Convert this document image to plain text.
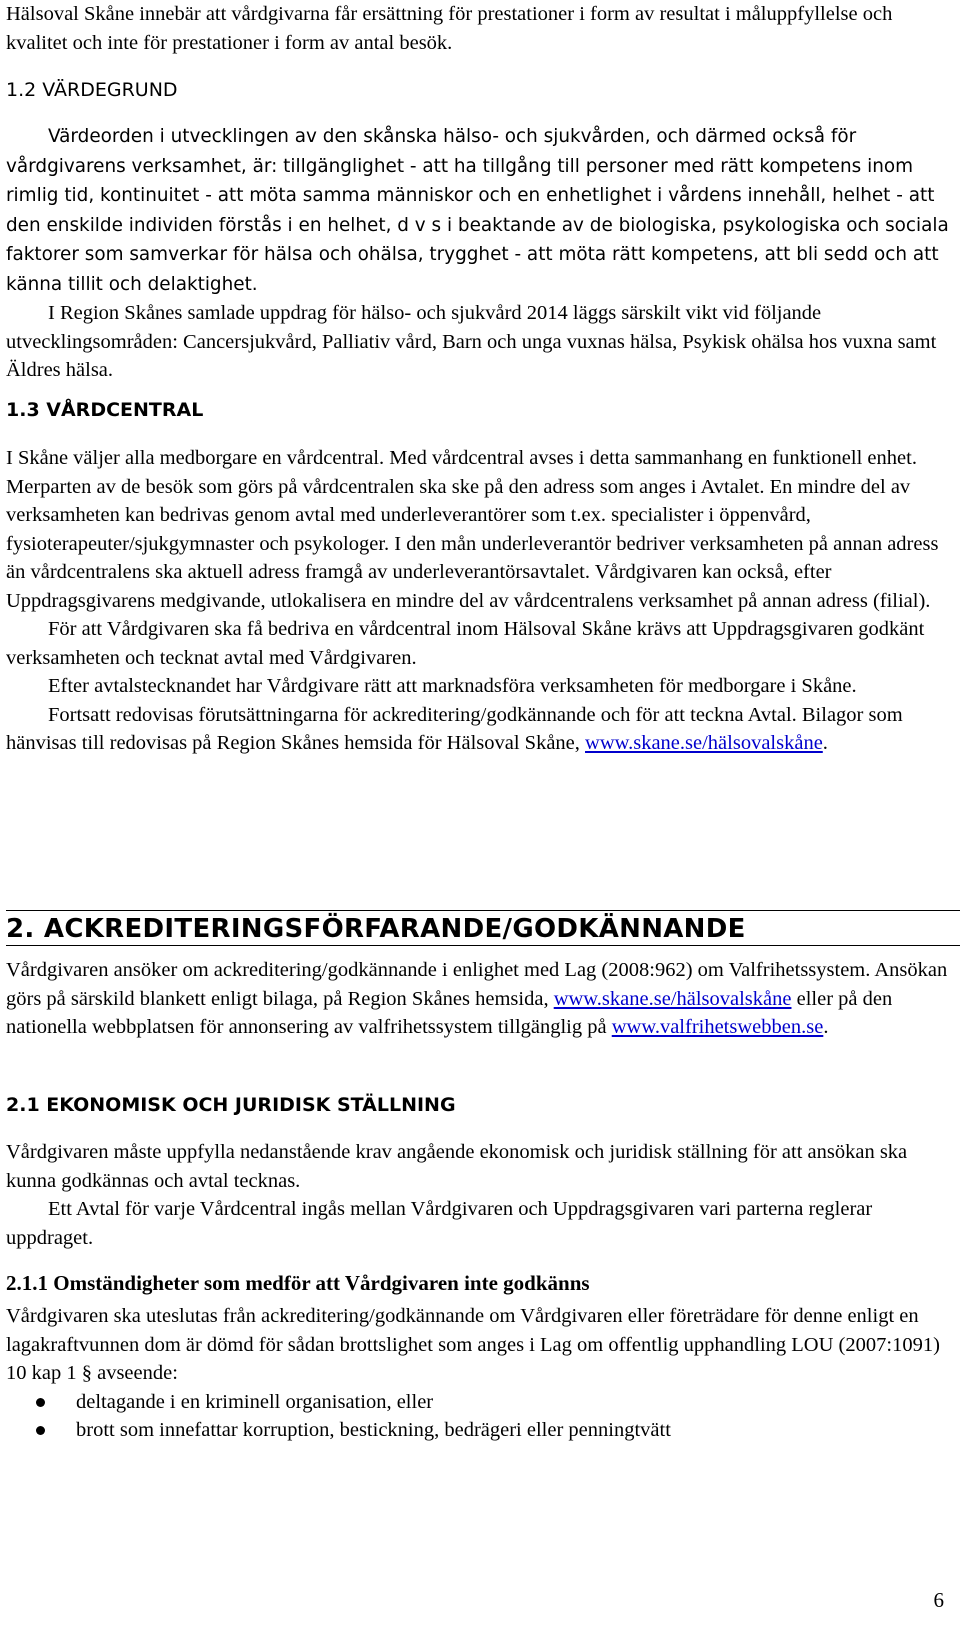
Hälsoval Skåne innebär att vårdgivarna får ersättning för prestationer i form av resultat i måluppfyllelse och kvalitet och inte för prestationer i form av antal besök.

1.2 VÄRDEGRUND

Värdeorden i utvecklingen av den skånska hälso- och sjukvården, och därmed också för vårdgivarens verksamhet, är: tillgänglighet - att ha tillgång till personer med rätt kompetens inom rimlig tid, kontinuitet - att möta samma människor och en enhetlighet i vårdens innehåll, helhet - att den enskilde individen förstås i en helhet, d v s i beaktande av de biologiska, psykologiska och sociala faktorer som samverkar för hälsa och ohälsa, trygghet - att möta rätt kompetens, att bli sedd och att känna tillit och delaktighet.

I Region Skånes samlade uppdrag för hälso- och sjukvård 2014 läggs särskilt vikt vid följande utvecklingsområden: Cancersjukvård, Palliativ vård, Barn och unga vuxnas hälsa, Psykisk ohälsa hos vuxna samt Äldres hälsa.

1.3 VÅRDCENTRAL

I Skåne väljer alla medborgare en vårdcentral. Med vårdcentral avses i detta sammanhang en funktionell enhet. Merparten av de besök som görs på vårdcentralen ska ske på den adress som anges i Avtalet. En mindre del av verksamheten kan bedrivas genom avtal med underleverantörer som t.ex. specialister i öppenvård, fysioterapeuter/sjukgymnaster och psykologer. I den mån underleverantör bedriver verksamheten på annan adress än vårdcentralens ska aktuell adress framgå av underleverantörsavtalet. Vårdgivaren kan också, efter Uppdragsgivarens medgivande, utlokalisera en mindre del av vårdcentralens verksamhet på annan adress (filial).

För att Vårdgivaren ska få bedriva en vårdcentral inom Hälsoval Skåne krävs att Uppdragsgivaren godkänt verksamheten och tecknat avtal med Vårdgivaren.

Efter avtalstecknandet har Vårdgivare rätt att marknadsföra verksamheten för medborgare i Skåne.

Fortsatt redovisas förutsättningarna för ackreditering/godkännande och för att teckna Avtal. Bilagor som hänvisas till redovisas på Region Skånes hemsida för Hälsoval Skåne, www.skane.se/hälsovalskåne.

2. ACKREDITERINGSFÖRFARANDE/GODKÄNNANDE

Vårdgivaren ansöker om ackreditering/godkännande i enlighet med Lag (2008:962) om Valfrihetssystem. Ansökan görs på särskild blankett enligt bilaga, på Region Skånes hemsida, www.skane.se/hälsovalskåne eller på den nationella webbplatsen för annonsering av valfrihetssystem tillgänglig på www.valfrihetswebben.se.

2.1 EKONOMISK OCH JURIDISK STÄLLNING

Vårdgivaren måste uppfylla nedanstående krav angående ekonomisk och juridisk ställning för att ansökan ska kunna godkännas och avtal tecknas.

Ett Avtal för varje Vårdcentral ingås mellan Vårdgivaren och Uppdragsgivaren vari parterna reglerar uppdraget.

2.1.1 Omständigheter som medför att Vårdgivaren inte godkänns

Vårdgivaren ska uteslutas från ackreditering/godkännande om Vårdgivaren eller företrädare för denne enligt en lagakraftvunnen dom är dömd för sådan brottslighet som anges i Lag om offentlig upphandling LOU (2007:1091) 10 kap 1 § avseende:

deltagande i en kriminell organisation, eller
brott som innefattar korruption, bestickning, bedrägeri eller penningtvätt
6
